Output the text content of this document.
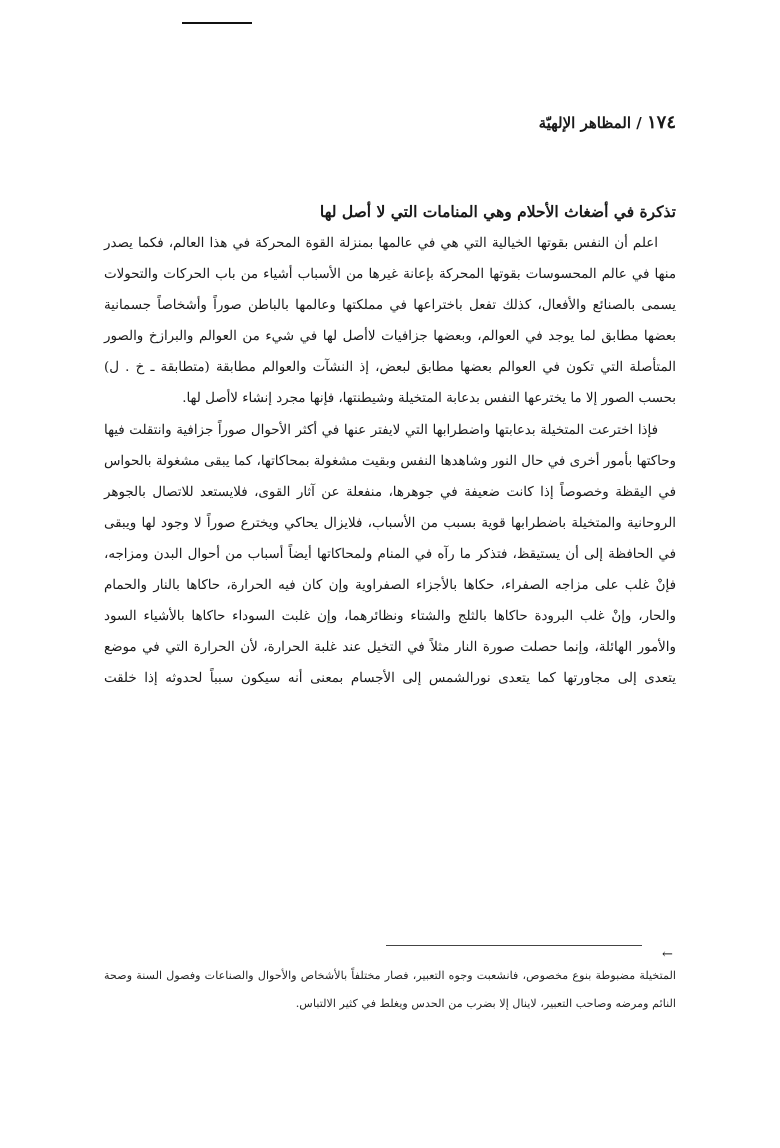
١٧٤ / المظاهر الإلهيّة

تذكرة في أضغاث الأحلام وهي المنامات التي لا أصل لها

اعلم أن النفس بقوتها الخيالية التي هي في عالمها بمنزلة القوة المحركة في هذا العالم، فكما يصدر منها في عالم المحسوسات بقوتها المحركة بإعانة غيرها من الأسباب أشياء من باب الحركات والتحولات يسمى بالصنائع والأفعال، كذلك تفعل باختراعها في مملكتها وعالمها بالباطن صوراً وأشخاصاً جسمانية بعضها مطابق لما يوجد في العوالم، وبعضها جزافيات لاأصل لها في شيء من العوالم والبرازخ والصور المتأصلة التي تكون في العوالم بعضها مطابق لبعض، إذ النشآت والعوالم مطابقة (متطابقة ـ خ . ل) بحسب الصور إلا ما يخترعها النفس بدعابة المتخيلة وشيطنتها، فإنها مجرد إنشاء لاأصل لها.

فإذا اخترعت المتخيلة بدعابتها واضطرابها التي لايفتر عنها في أكثر الأحوال صوراً جزافية وانتقلت فيها وحاكتها بأمور أخرى في حال النور وشاهدها النفس وبقيت مشغولة بمحاكاتها، كما يبقى مشغولة بالحواس في اليقظة وخصوصاً إذا كانت ضعيفة في جوهرها، منفعلة عن آثار القوى، فلايستعد للاتصال بالجوهر الروحانية والمتخيلة باضطرابها قوية بسبب من الأسباب، فلايزال يحاكي ويخترع صوراً لا وجود لها ويبقى في الحافظة إلى أن يستيقظ، فتذكر ما رآه في المنام ولمحاكاتها أيضاً أسباب من أحوال البدن ومزاجه، فإنْ غلب على مزاجه الصفراء، حكاها بالأجزاء الصفراوية وإن كان فيه الحرارة، حاكاها بالنار والحمام والحار، وإنْ غلب البرودة حاكاها بالثلج والشتاء ونظائرهما، وإن غلبت السوداء حاكاها بالأشياء السود والأمور الهائلة، وإنما حصلت صورة النار مثلاً في التخيل عند غلبة الحرارة، لأن الحرارة التي في موضع يتعدى إلى مجاورتها كما يتعدى نورالشمس إلى الأجسام بمعنى أنه سيكون سبباً لحدوثه إذا خلقت

←
المتخيلة مضبوطة بنوع مخصوص، فانشعبت وجوه التعبير، فصار مختلفاً بالأشخاص والأحوال والصناعات وفصول السنة وصحة النائم ومرضه وصاحب التعبير، لاينال إلا بضرب من الحدس ويغلط في كثير الالتباس.
